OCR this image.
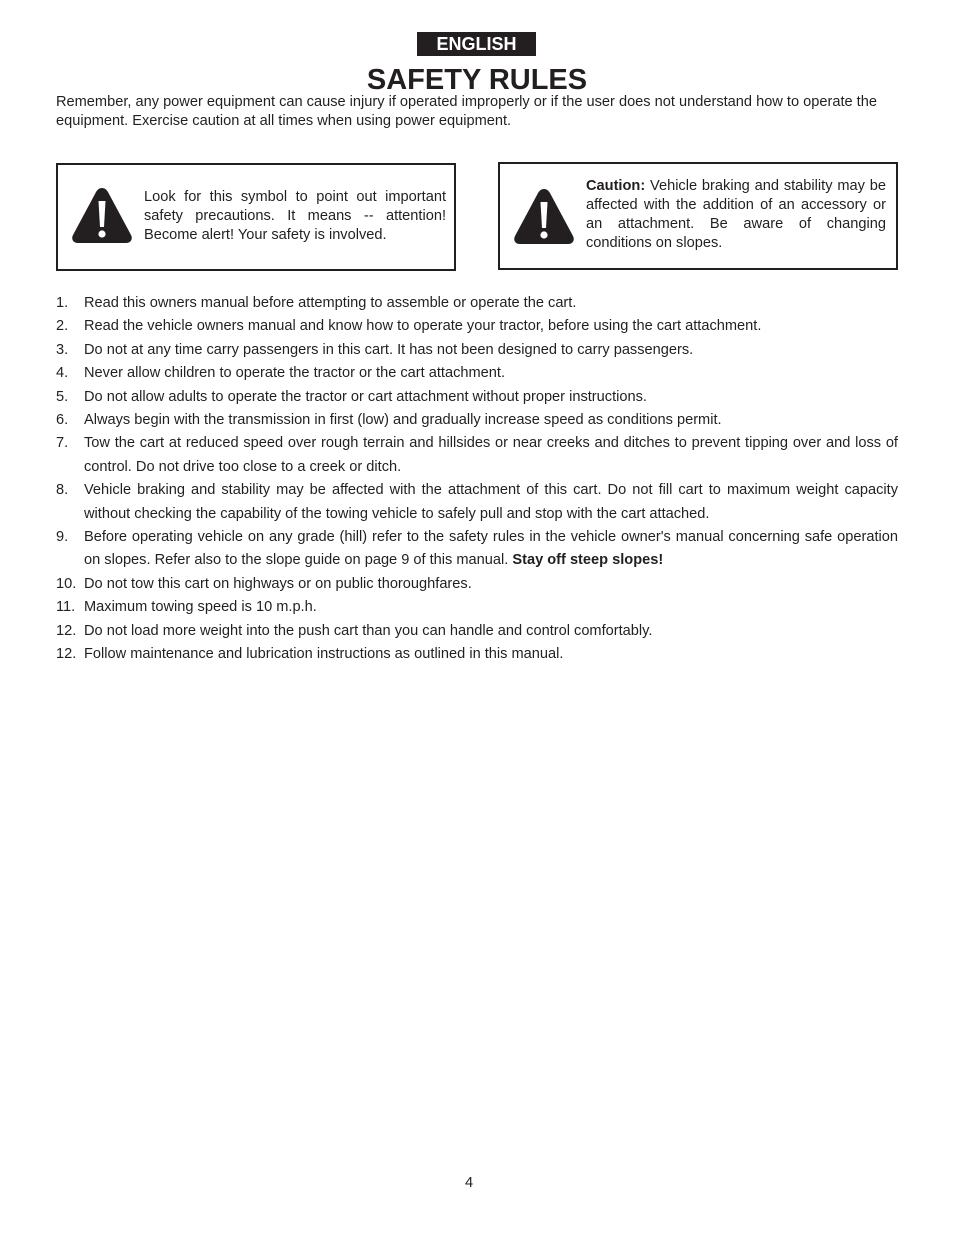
ENGLISH
SAFETY RULES

Remember, any power equipment can cause injury if operated improperly or if the user does not understand how to operate the equipment. Exercise caution at all times when using power equipment.

Look for this symbol to point out important safety precautions. It means -- attention! Become alert! Your safety is involved.

Caution: Vehicle braking and stability may be affected with the addition of an accessory or an attachment. Be aware of changing conditions on slopes.

1. Read this owners manual before attempting to assemble or operate the cart.
2. Read the vehicle owners manual and know how to operate your tractor, before using the cart attachment.
3. Do not at any time carry passengers in this cart. It has not been designed to carry passengers.
4. Never allow children to operate the tractor or the cart attachment.
5. Do not allow adults to operate the tractor or cart attachment without proper instructions.
6. Always begin with the transmission in first (low) and gradually increase speed as conditions permit.
7. Tow the cart at reduced speed over rough terrain and hillsides or near creeks and ditches to prevent tipping over and loss of control. Do not drive too close to a creek or ditch.
8. Vehicle braking and stability may be affected with the attachment of this cart. Do not fill cart to maximum weight capacity without checking the capability of the towing vehicle to safely pull and stop with the cart attached.
9. Before operating vehicle on any grade (hill) refer to the safety rules in the vehicle owner's manual concerning safe operation on slopes. Refer also to the slope guide on page 9 of this manual. Stay off steep slopes!
10. Do not tow this cart on highways or on public thoroughfares.
11. Maximum towing speed is 10 m.p.h.
12. Do not load more weight into the push cart than you can handle and control comfortably.
12. Follow maintenance and lubrication instructions as outlined in this manual.
4
